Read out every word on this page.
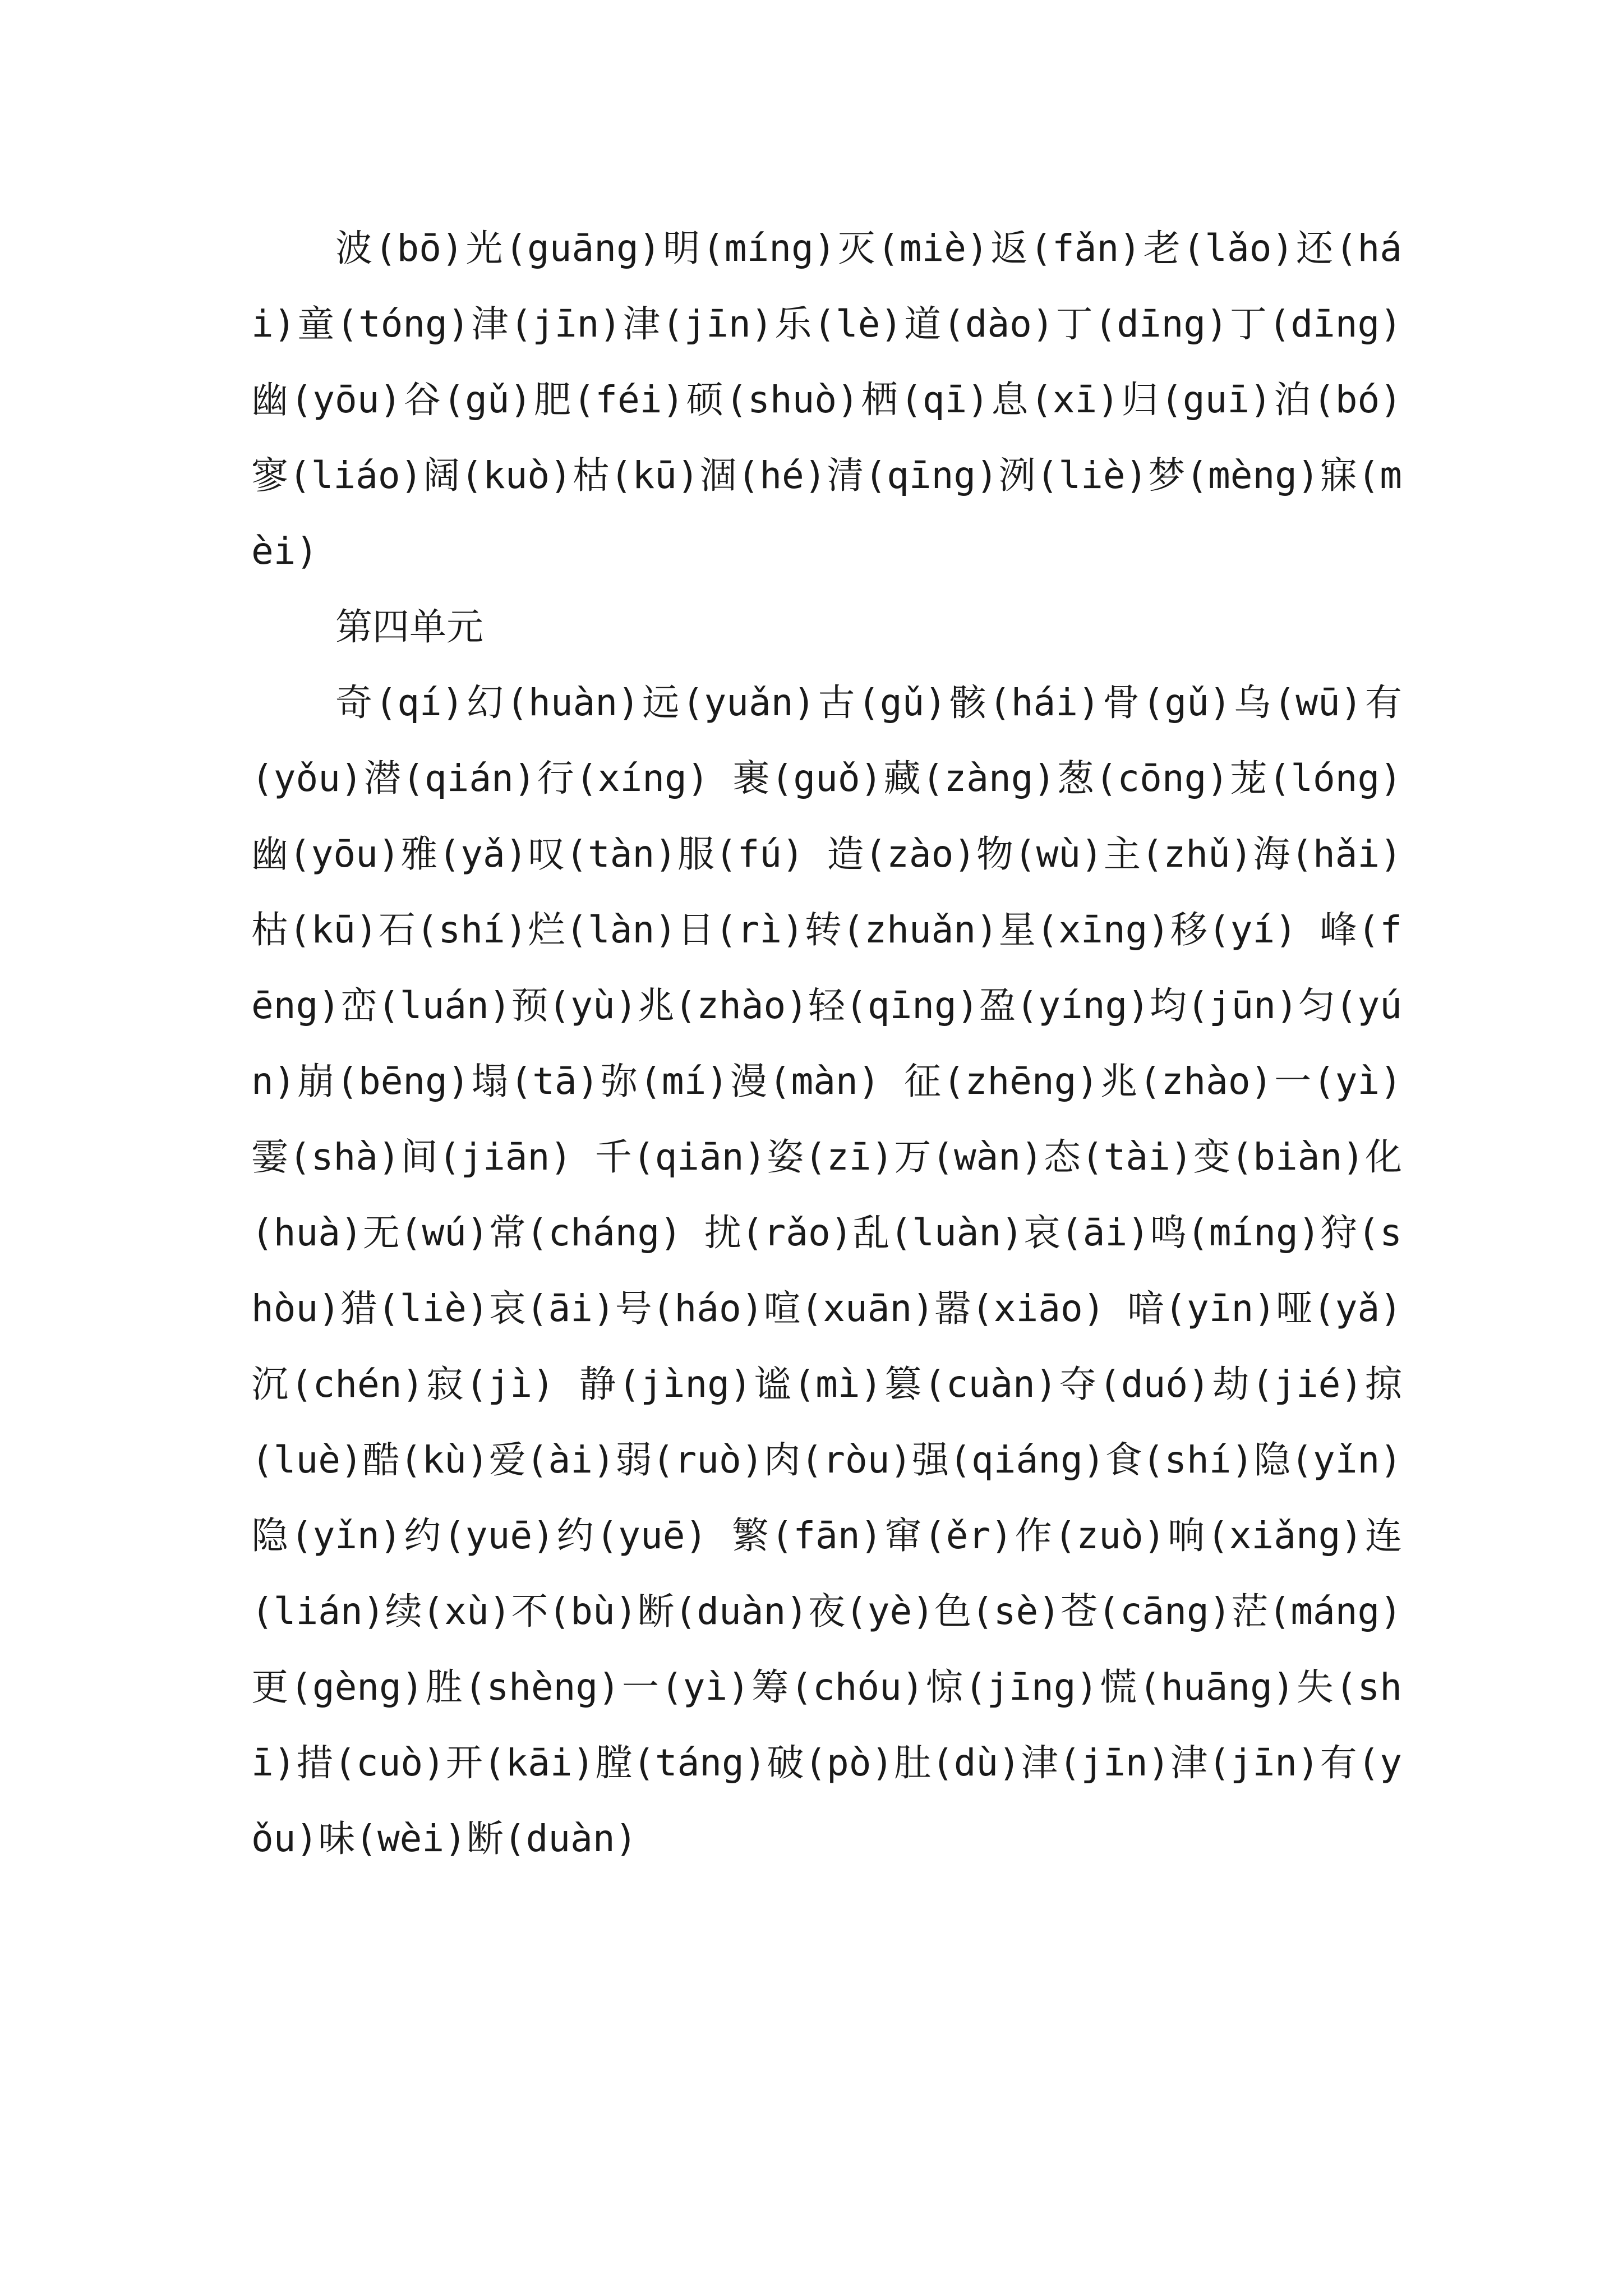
波(bō)光(guāng)明(míng)灭(miè)返(fǎn)老(lǎo)还(hái)童(tóng)津(jīn)津(jīn)乐(lè)道(dào)丁(dīng)丁(dīng)幽(yōu)谷(gǔ)肥(féi)硕(shuò)栖(qī)息(xī)归(guī)泊(bó)寥(liáo)阔(kuò)枯(kū)涸(hé)清(qīng)洌(liè)梦(mèng)寐(mèi)

第四单元

奇(qí)幻(huàn)远(yuǎn)古(gǔ)骸(hái)骨(gǔ)乌(wū)有(yǒu)潜(qián)行(xíng) 裹(guǒ)藏(zàng)葱(cōng)茏(lóng)幽(yōu)雅(yǎ)叹(tàn)服(fú) 造(zào)物(wù)主(zhǔ)海(hǎi)枯(kū)石(shí)烂(làn)日(rì)转(zhuǎn)星(xīng)移(yí) 峰(fēng)峦(luán)预(yù)兆(zhào)轻(qīng)盈(yíng)均(jūn)匀(yún)崩(bēng)塌(tā)弥(mí)漫(màn) 征(zhēng)兆(zhào)一(yì)霎(shà)间(jiān) 千(qiān)姿(zī)万(wàn)态(tài)变(biàn)化(huà)无(wú)常(cháng) 扰(rǎo)乱(luàn)哀(āi)鸣(míng)狩(shòu)猎(liè)哀(āi)号(háo)喧(xuān)嚣(xiāo) 喑(yīn)哑(yǎ) 沉(chén)寂(jì) 静(jìng)谧(mì)篡(cuàn)夺(duó)劫(jié)掠(luè)酷(kù)爱(ài)弱(ruò)肉(ròu)强(qiáng)食(shí)隐(yǐn)隐(yǐn)约(yuē)约(yuē) 繁(fān)窜(ěr)作(zuò)响(xiǎng)连(lián)续(xù)不(bù)断(duàn)夜(yè)色(sè)苍(cāng)茫(máng) 更(gèng)胜(shèng)一(yì)筹(chóu)惊(jīng)慌(huāng)失(shī)措(cuò)开(kāi)膛(táng)破(pò)肚(dù)津(jīn)津(jīn)有(yǒu)味(wèi)断(duàn)
